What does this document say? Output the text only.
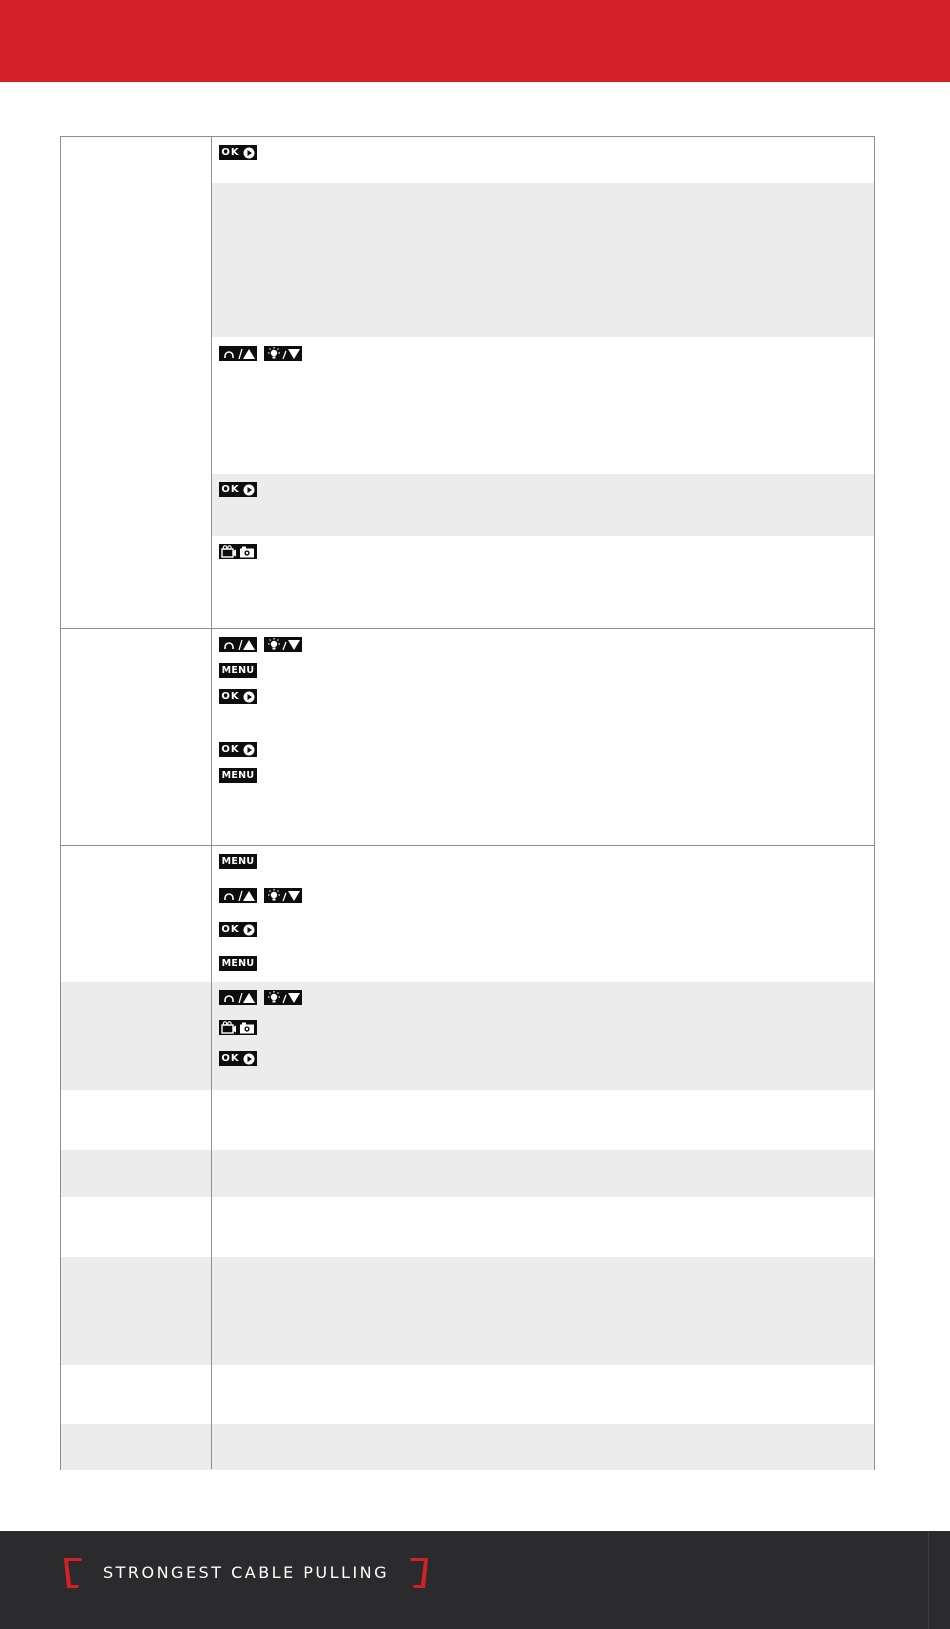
OK
OK
MENU
OK
OK
MENU
MENU
OK
MENU
OK
STRONGEST CABLE PULLING
